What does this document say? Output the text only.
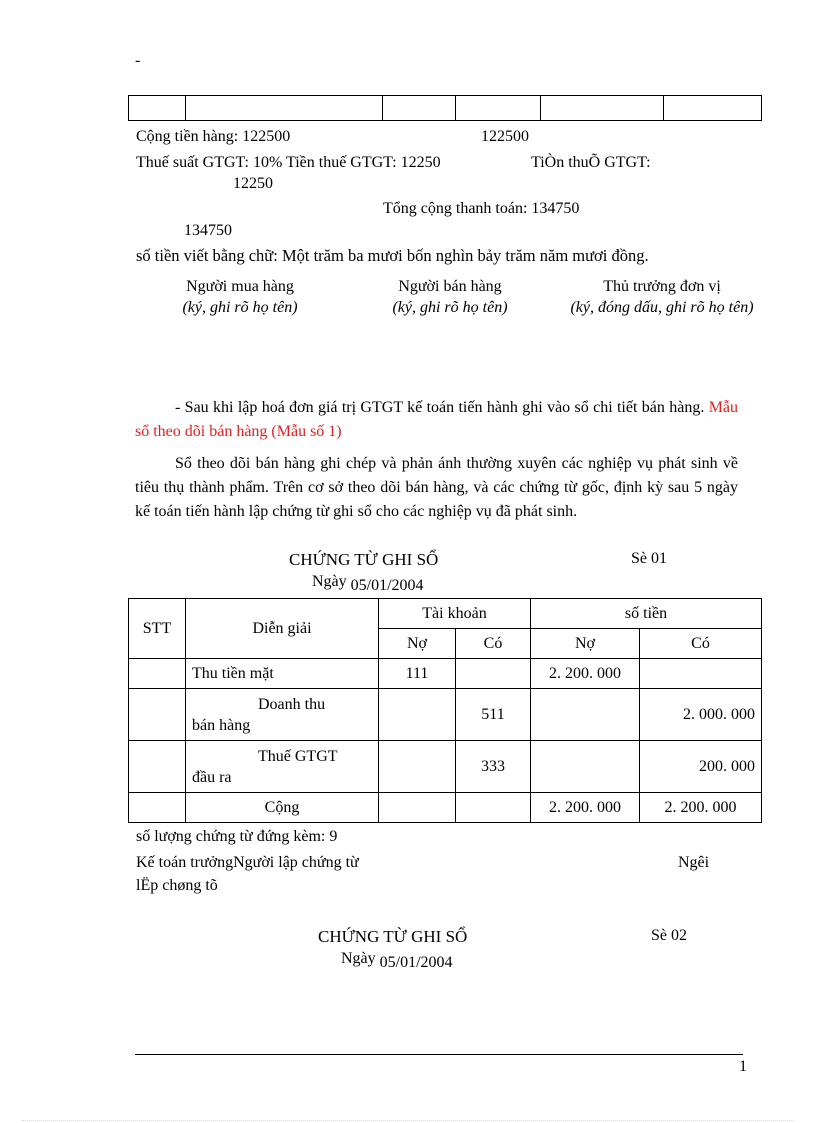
-

Cộng tiền hàng: 122500	122500
Thuế suất GTGT: 10% Tiền thuế GTGT: 12250	TiÒn thuÕ GTGT:
12250
Tổng cộng thanh toán: 134750
134750
số tiền viết bằng chữ: Một trăm ba mươi bốn nghìn bảy trăm năm mươi đồng.
Người mua hàng
(ký, ghi rõ họ tên)
Người bán hàng
(ký, ghi rõ họ tên)
Thủ trưởng đơn vị
(ký, đóng dấu, ghi rõ họ tên)
- Sau khi lập hoá đơn giá trị GTGT kế toán tiến hành ghi vào sổ chi tiết bán hàng. Mẫu sổ theo dõi bán hàng (Mẫu số 1)
Sổ theo dõi bán hàng ghi chép và phản ánh thường xuyên các nghiệp vụ phát sinh về tiêu thụ thành phẩm. Trên cơ sở theo dõi bán hàng, và các chứng từ gốc, định kỳ sau 5 ngày kế toán tiến hành lập chứng từ ghi sổ cho các nghiệp vụ đã phát sinh.
CHỨNG TỪ GHI SỔ	Sè 01
Ngày 05/01/2004
STT	Diễn giải	Tài khoản		số tiền	
		Nợ	Có	Nợ	Có
	Thu tiền mặt	111		2. 200. 000	

	Doanh thu
bán hàng		511		2. 000. 000

	Thuế GTGT
đầu ra		333		200. 000
	Cộng			2. 200. 000	2. 200. 000
số lượng chứng từ đứng kèm: 9
Kế toán trưởngNgười lập chứng từ	Ngêi
lËp chøng tõ
CHỨNG TỪ GHI SỔ	Sè 02
Ngày 05/01/2004
1
